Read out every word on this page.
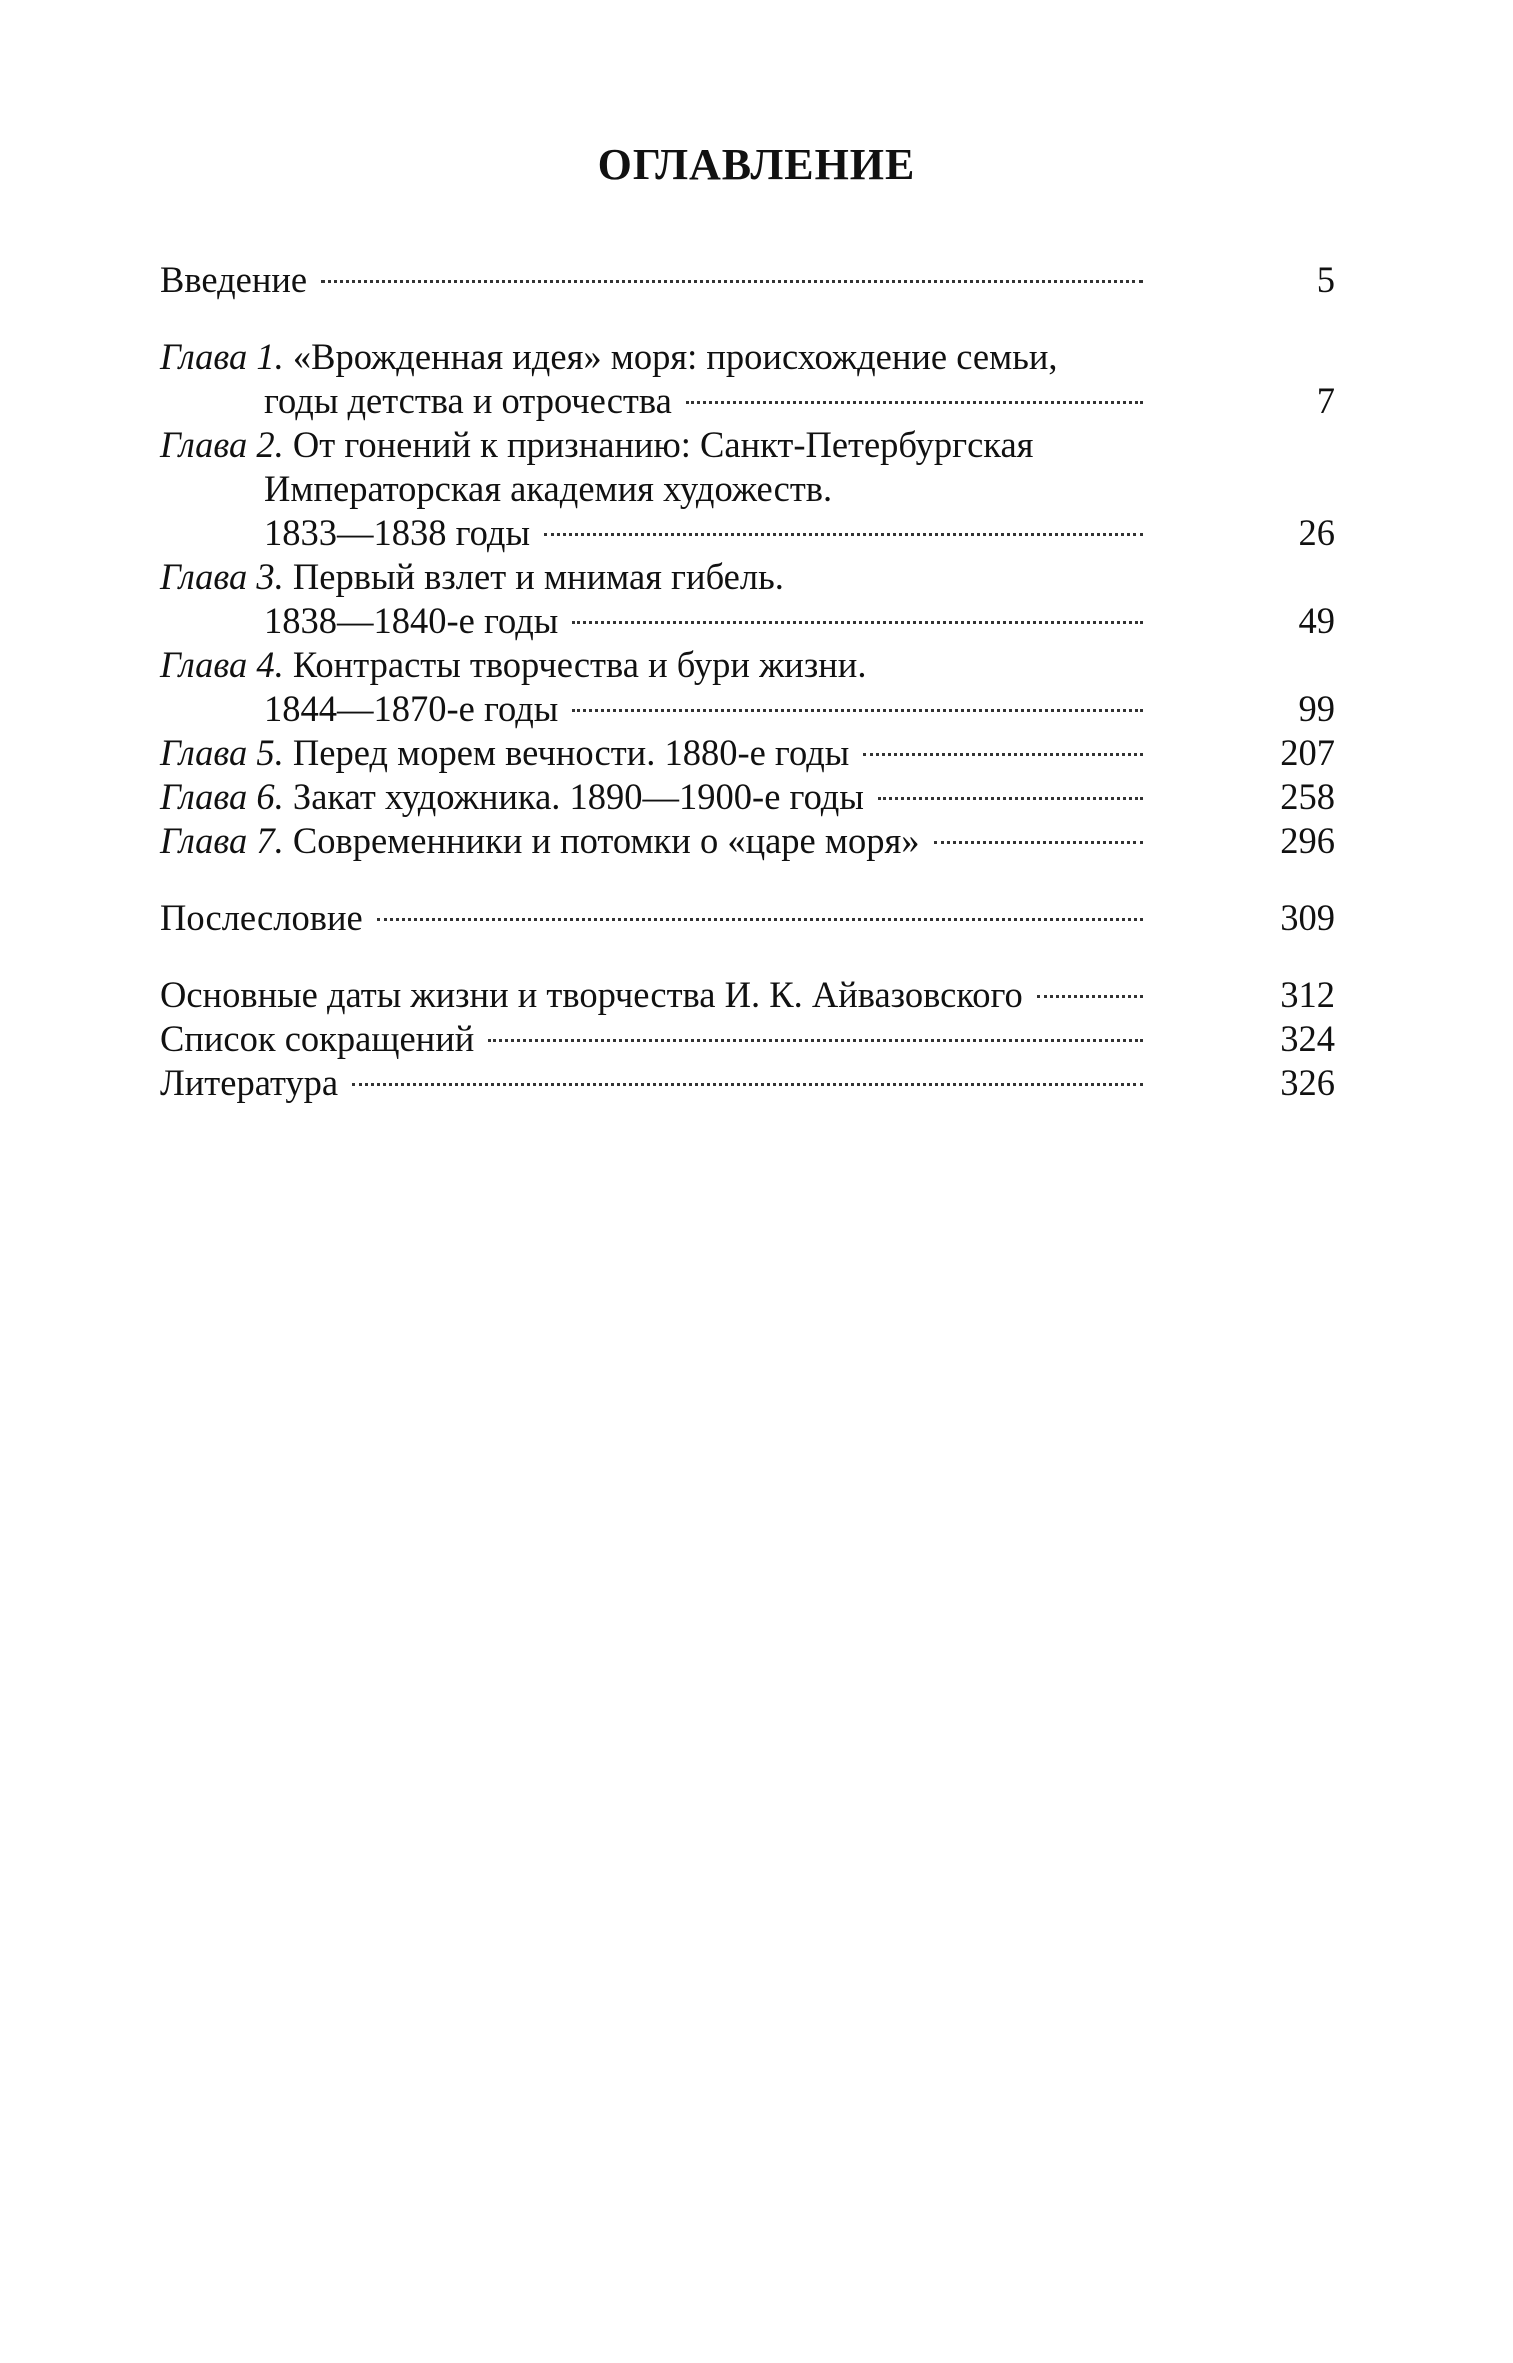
ОГЛАВЛЕНИЕ
Введение	5
Глава 1. «Врожденная идея» моря: происхождение семьи,
годы детства и отрочества	7
Глава 2. От гонений к признанию: Санкт-Петербургская
Императорская академия художеств.
1833—1838 годы	26
Глава 3. Первый взлет и мнимая гибель.
1838—1840-е годы	49
Глава 4. Контрасты творчества и бури жизни.
1844—1870-е годы	99
Глава 5. Перед морем вечности. 1880-е годы	207
Глава 6. Закат художника. 1890—1900-е годы	258
Глава 7. Современники и потомки о «царе моря»	296
Послесловие	309
Основные даты жизни и творчества И. К. Айвазовского	312
Список сокращений	324
Литература	326
